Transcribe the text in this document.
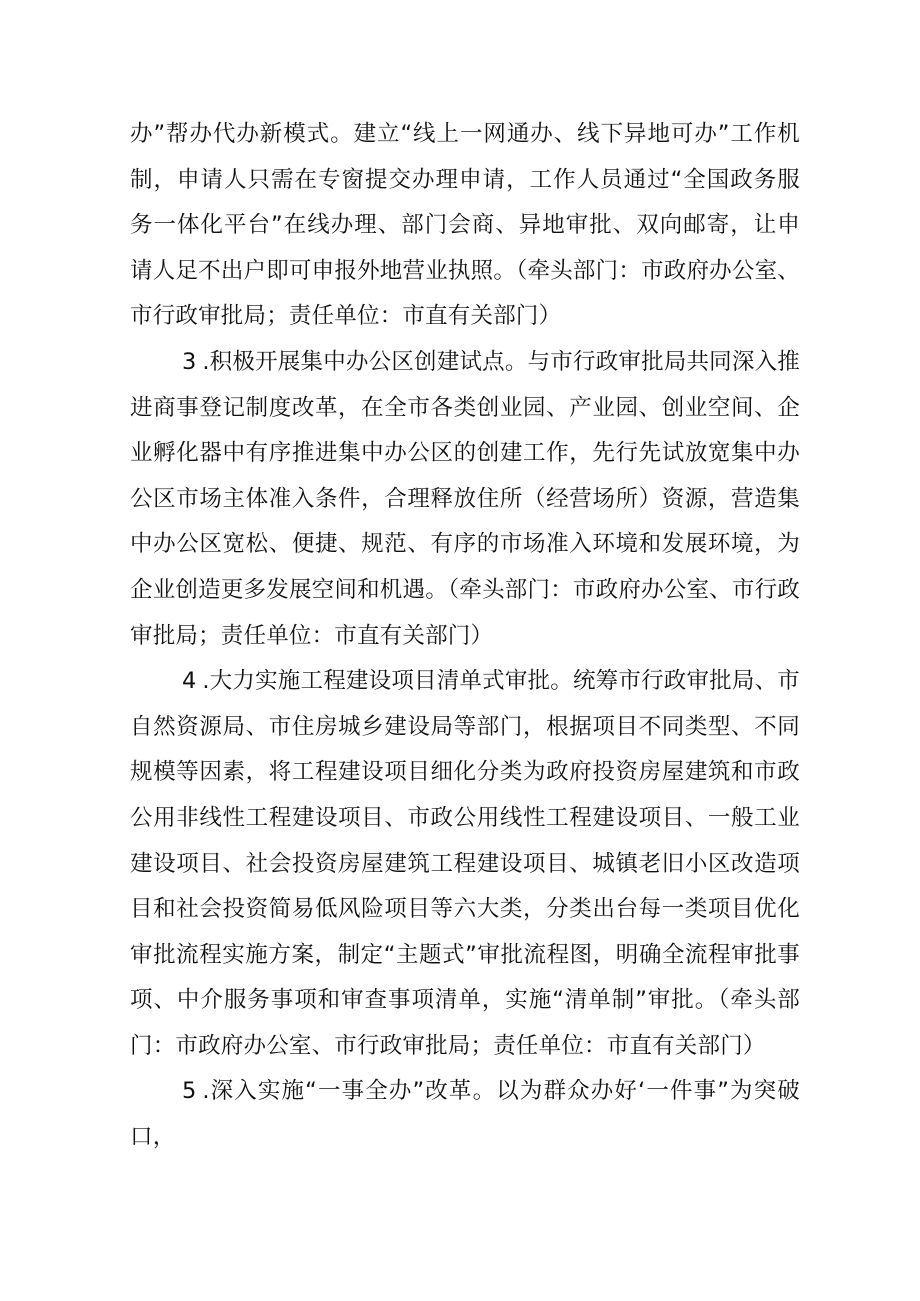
办”帮办代办新模式。建立“线上一网通办、线下异地可办”工作机制，申请人只需在专窗提交办理申请，工作人员通过“全国政务服务一体化平台”在线办理、部门会商、异地审批、双向邮寄，让申请人足不出户即可申报外地营业执照。（牵头部门：市政府办公室、市行政审批局；责任单位：市直有关部门）

3.积极开展集中办公区创建试点。与市行政审批局共同深入推进商事登记制度改革，在全市各类创业园、产业园、创业空间、企业孵化器中有序推进集中办公区的创建工作，先行先试放宽集中办公区市场主体准入条件，合理释放住所（经营场所）资源，营造集中办公区宽松、便捷、规范、有序的市场准入环境和发展环境，为企业创造更多发展空间和机遇。（牵头部门：市政府办公室、市行政审批局；责任单位：市直有关部门）

4.大力实施工程建设项目清单式审批。统筹市行政审批局、市自然资源局、市住房城乡建设局等部门，根据项目不同类型、不同规模等因素，将工程建设项目细化分类为政府投资房屋建筑和市政公用非线性工程建设项目、市政公用线性工程建设项目、一般工业建设项目、社会投资房屋建筑工程建设项目、城镇老旧小区改造项目和社会投资简易低风险项目等六大类，分类出台每一类项目优化审批流程实施方案，制定“主题式”审批流程图，明确全流程审批事项、中介服务事项和审查事项清单，实施“清单制”审批。（牵头部门：市政府办公室、市行政审批局；责任单位：市直有关部门）

5.深入实施“一事全办”改革。以为群众办好‘一件事”为突破口，
